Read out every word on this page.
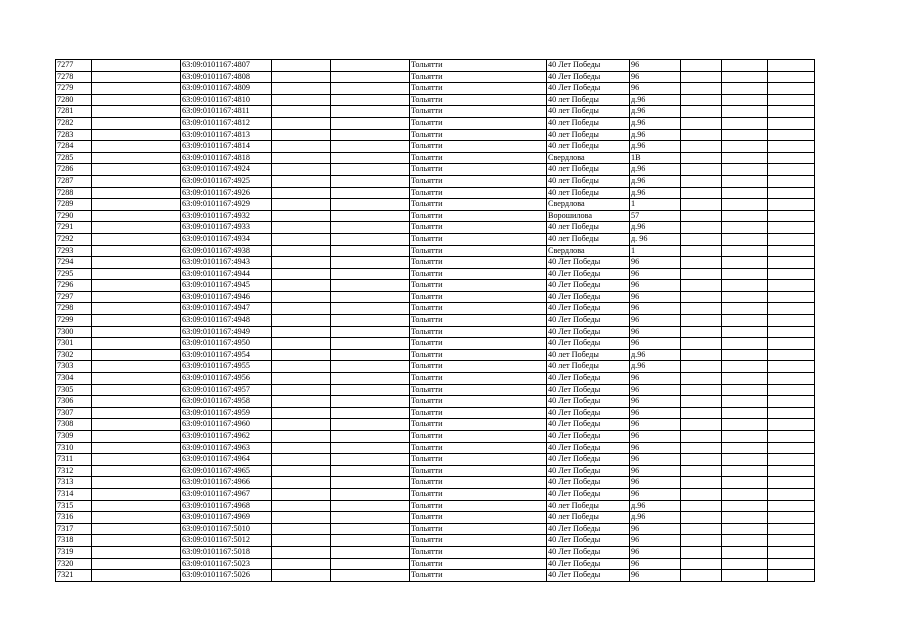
7277		63:09:0101167:4807			Тольятти	40 Лет Победы	96			
7278		63:09:0101167:4808			Тольятти	40 Лет Победы	96			
7279		63:09:0101167:4809			Тольятти	40 Лет Победы	96			
7280		63:09:0101167:4810			Тольятти	40 лет Победы	д.96			
7281		63:09:0101167:4811			Тольятти	40 лет Победы	д.96			
7282		63:09:0101167:4812			Тольятти	40 лет Победы	д.96			
7283		63:09:0101167:4813			Тольятти	40 лет Победы	д.96			
7284		63:09:0101167:4814			Тольятти	40 лет Победы	д.96			
7285		63:09:0101167:4818			Тольятти	Свердлова	1В			
7286		63:09:0101167:4924			Тольятти	40 лет Победы	д.96			
7287		63:09:0101167:4925			Тольятти	40 лет Победы	д.96			
7288		63:09:0101167:4926			Тольятти	40 лет Победы	д.96			
7289		63:09:0101167:4929			Тольятти	Свердлова	1			
7290		63:09:0101167:4932			Тольятти	Ворошилова	57			
7291		63:09:0101167:4933			Тольятти	40 лет Победы	д.96			
7292		63:09:0101167:4934			Тольятти	40 лет Победы	д. 96			
7293		63:09:0101167:4938			Тольятти	Свердлова	1			
7294		63:09:0101167:4943			Тольятти	40 Лет Победы	96			
7295		63:09:0101167:4944			Тольятти	40 Лет Победы	96			
7296		63:09:0101167:4945			Тольятти	40 Лет Победы	96			
7297		63:09:0101167:4946			Тольятти	40 Лет Победы	96			
7298		63:09:0101167:4947			Тольятти	40 Лет Победы	96			
7299		63:09:0101167:4948			Тольятти	40 Лет Победы	96			
7300		63:09:0101167:4949			Тольятти	40 Лет Победы	96			
7301		63:09:0101167:4950			Тольятти	40 Лет Победы	96			
7302		63:09:0101167:4954			Тольятти	40 лет Победы	д.96			
7303		63:09:0101167:4955			Тольятти	40 лет Победы	д.96			
7304		63:09:0101167:4956			Тольятти	40 Лет Победы	96			
7305		63:09:0101167:4957			Тольятти	40 Лет Победы	96			
7306		63:09:0101167:4958			Тольятти	40 Лет Победы	96			
7307		63:09:0101167:4959			Тольятти	40 Лет Победы	96			
7308		63:09:0101167:4960			Тольятти	40 Лет Победы	96			
7309		63:09:0101167:4962			Тольятти	40 Лет Победы	96			
7310		63:09:0101167:4963			Тольятти	40 Лет Победы	96			
7311		63:09:0101167:4964			Тольятти	40 Лет Победы	96			
7312		63:09:0101167:4965			Тольятти	40 Лет Победы	96			
7313		63:09:0101167:4966			Тольятти	40 Лет Победы	96			
7314		63:09:0101167:4967			Тольятти	40 Лет Победы	96			
7315		63:09:0101167:4968			Тольятти	40 лет Победы	д.96			
7316		63:09:0101167:4969			Тольятти	40 лет Победы	д.96			
7317		63:09:0101167:5010			Тольятти	40 Лет Победы	96			
7318		63:09:0101167:5012			Тольятти	40 Лет Победы	96			
7319		63:09:0101167:5018			Тольятти	40 Лет Победы	96			
7320		63:09:0101167:5023			Тольятти	40 Лет Победы	96			
7321		63:09:0101167:5026			Тольятти	40 Лет Победы	96			
